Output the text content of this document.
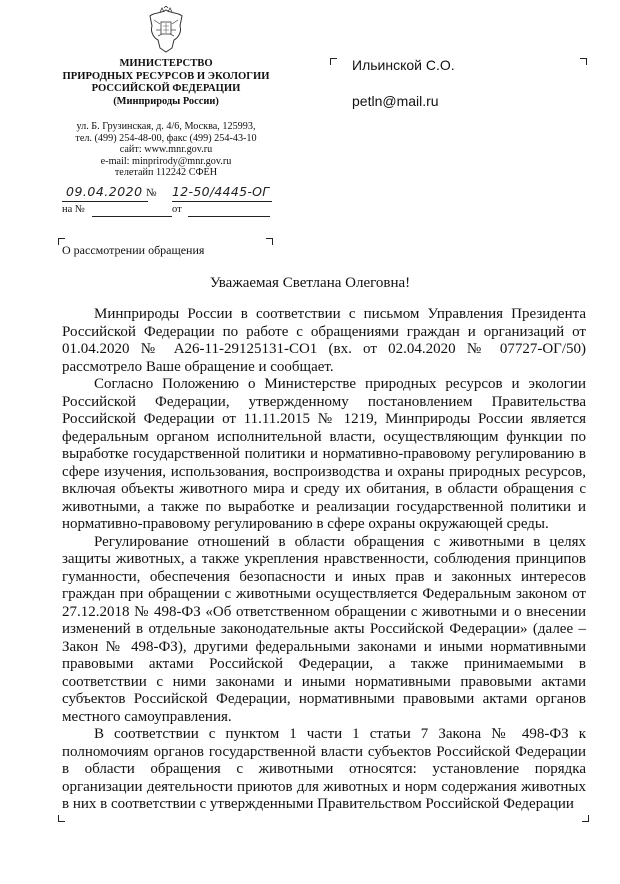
МИНИСТЕРСТВО
ПРИРОДНЫХ РЕСУРСОВ И ЭКОЛОГИИ
РОССИЙСКОЙ ФЕДЕРАЦИИ
(Минприроды России)
ул. Б. Грузинская, д. 4/6, Москва, 125993,
тел. (499) 254-48-00, факс (499) 254-43-10
сайт: www.mnr.gov.ru
e-mail: minprirody@mnr.gov.ru
телетайп 112242 СФЕН
09.04.2020 № 12-50/4445-ОГ
на №	от
О рассмотрении обращения
Ильинской С.О.
petln@mail.ru
Уважаемая Светлана Олеговна!

Минприроды России в соответствии с письмом Управления Президента Российской Федерации по работе с обращениями граждан и организаций от 01.04.2020 № А26-11-29125131-СО1 (вх. от 02.04.2020 № 07727-ОГ/50) рассмотрело Ваше обращение и сообщает.

Согласно Положению о Министерстве природных ресурсов и экологии Российской Федерации, утвержденному постановлением Правительства Российской Федерации от 11.11.2015 № 1219, Минприроды России является федеральным органом исполнительной власти, осуществляющим функции по выработке государственной политики и нормативно-правовому регулированию в сфере изучения, использования, воспроизводства и охраны природных ресурсов, включая объекты животного мира и среду их обитания, в области обращения с животными, а также по выработке и реализации государственной политики и нормативно-правовому регулированию в сфере охраны окружающей среды.

Регулирование отношений в области обращения с животными в целях защиты животных, а также укрепления нравственности, соблюдения принципов гуманности, обеспечения безопасности и иных прав и законных интересов граждан при обращении с животными осуществляется Федеральным законом от 27.12.2018 № 498-ФЗ «Об ответственном обращении с животными и о внесении изменений в отдельные законодательные акты Российской Федерации» (далее – Закон № 498-ФЗ), другими федеральными законами и иными нормативными правовыми актами Российской Федерации, а также принимаемыми в соответствии с ними законами и иными нормативными правовыми актами субъектов Российской Федерации, нормативными правовыми актами органов местного самоуправления.

В соответствии с пунктом 1 части 1 статьи 7 Закона № 498-ФЗ к полномочиям органов государственной власти субъектов Российской Федерации в области обращения с животными относятся: установление порядка организации деятельности приютов для животных и норм содержания животных в них в соответствии с утвержденными Правительством Российской Федерации
